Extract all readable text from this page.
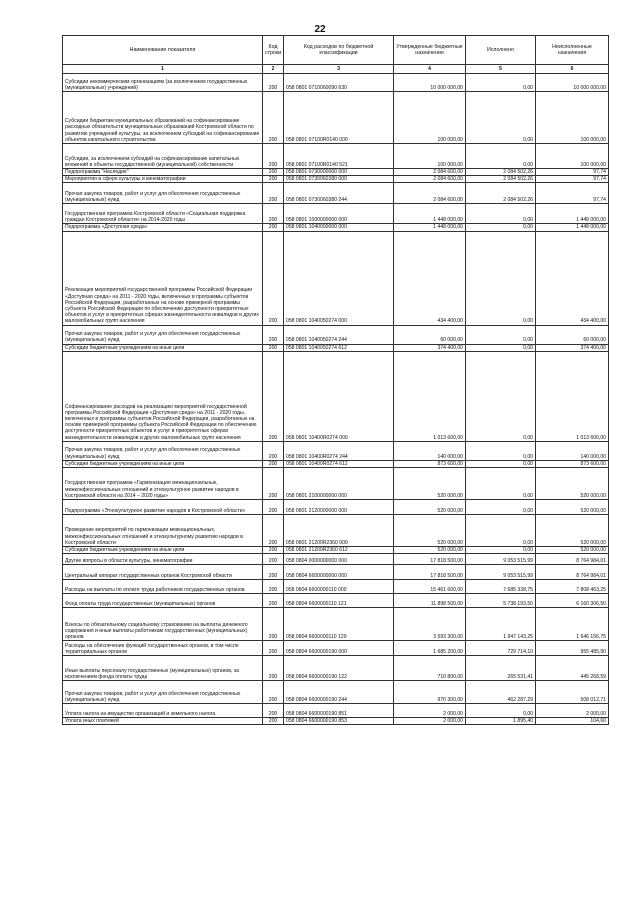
22
Наименование показателя	Код строки	Код расходов по бюджетной классификации	Утвержденные бюджетные назначения	Исполнено	Неисполненные назначения
1	2	3	4	5	6
Субсидии некоммерческим организациям (за исключением государственных (муниципальных) учреждений)	200	058 0801 0710060090 630	10 000 000,00	0,00	10 000 000,00
Субсидии бюджетам муниципальных образований на софинансирование расходных обязательств муниципальных образований Костромской области по развитию учреждений культуры, за исключением субсидий на софинансирование объектов капитального строительства	200	058 0801 07100R0140 000	100 000,00	0,00	100 000,00
Субсидии, за исключением субсидий на софинансирование капитальных вложений в объекты государственной (муниципальной) собственности	200	058 0801 07100R0140 521	100 000,00	0,00	100 000,00
Подпрограмма "Наследие"	200	058 0801 0730000000 000	2 084 600,00	2 084 502,26	97,74
Мероприятия в сфере культуры и кинематографии	200	058 0801 0730060380 000	2 084 600,00	2 084 502,26	97,74
Прочая закупка товаров, работ и услуг для обеспечения государственных (муниципальных) нужд	200	058 0801 0730060380 244	2 084 600,00	2 084 502,26	97,74
Государственная программа Костромской области «Социальная поддержка граждан Костромской области» на 2014-2020 годы	200	058 0801 1000000000 000	1 448 000,00	0,00	1 448 000,00
Подпрограмма «Доступная среда»	200	058 0801 1040000000 000	1 448 000,00	0,00	1 448 000,00
Реализация мероприятий государственной программы Российской Федерации «Доступная среда» на 2011 - 2020 годы, включенных в программы субъектов Российской Федерации, разработанных на основе примерной программы субъекта Российской Федерации по обеспечению доступности приоритетных объектов и услуг в приоритетных сферах жизнедеятельности инвалидов и других маломобильных групп населения	200	058 0801 1040050274 000	434 400,00	0,00	434 400,00
Прочая закупка товаров, работ и услуг для обеспечения государственных (муниципальных) нужд	200	058 0801 1040050274 244	60 000,00	0,00	60 000,00
Субсидии бюджетным учреждениям на иные цели	200	058 0801 1040050274 612	374 400,00	0,00	374 400,00
Софинансирование расходов на реализацию мероприятий государственной программы Российской Федерации «Доступная среда» на 2011 - 2020 годы, включенных в программы субъектов Российской Федерации, разработанных на основе примерной программы субъекта Российской Федерации по обеспечению доступности приоритетных объектов и услуг в приоритетных сферах жизнедеятельности инвалидов и других маломобильных групп населения	200	058 0801 10400R0274 000	1 013 600,00	0,00	1 013 600,00
Прочая закупка товаров, работ и услуг для обеспечения государственных (муниципальных) нужд	200	058 0801 10400R0274 244	140 000,00	0,00	140 000,00
Субсидии бюджетным учреждениям на иные цели	200	058 0801 10400R0274 612	873 600,00	0,00	873 600,00
Государственная программа «Гармонизация межнациональных, межконфессиональных отношений и этнокультурное развитие народов в Костромской области на 2014 – 2020 годы»	200	058 0801 2100000000 000	520 000,00	0,00	520 000,00
Подпрограмма «Этнокультурное развитие народов в Костромской области»	200	058 0801 2120000000 000	520 000,00	0,00	520 000,00
Проведение мероприятий по гармонизации межнациональных, межконфессиональных отношений и этнокультурному развитию народов в Костромской области	200	058 0801 21200R2360 000	520 000,00	0,00	520 000,00
Субсидии бюджетным учреждениям на иные цели	200	058 0801 21200R2360 612	520 000,00	0,00	520 000,00
Другие вопросы в области культуры, кинематографии	200	058 0804 0000000000 000	17 818 500,00	9 053 515,99	8 764 984,01
Центральный аппарат государственных органов Костромской области	200	058 0804 6600000000 000	17 818 500,00	9 053 515,99	8 764 984,01
Расходы на выплаты по оплате труда работников государственных органов	200	058 0804 6600000110 000	15 461 600,00	7 685 338,75	7 808 463,25
Фонд оплаты труда государственных (муниципальных) органов	200	058 0804 6600000110 121	11 898 500,00	5 738 193,50	6 160 306,50
Взносы по обязательному социальному страхованию на выплаты денежного содержания и иные выплаты работникам государственных (муниципальных) органов	200	058 0804 6600000110 129	3 593 300,00	1 947 143,25	1 646 156,75
Расходы на обеспечение функций государственных органов, в том числе территориальных органов	200	058 0804 6600000190 000	1 685 200,00	729 714,10	955 485,90
Иные выплаты персоналу государственных (муниципальных) органов, за исключением фонда оплаты труда	200	058 0804 6600000190 122	710 800,00	265 531,41	445 268,59
Прочая закупка товаров, работ и услуг для обеспечения государственных (муниципальных) нужд	200	058 0804 6600000190 244	970 300,00	462 287,29	508 012,71
Уплата налога на имущество организаций и земельного налога	200	058 0804 6600000190 851	2 000,00	0,00	2 000,00
Уплата иных платежей	200	058 0804 6600000190 853	2 000,00	1 895,40	104,60
